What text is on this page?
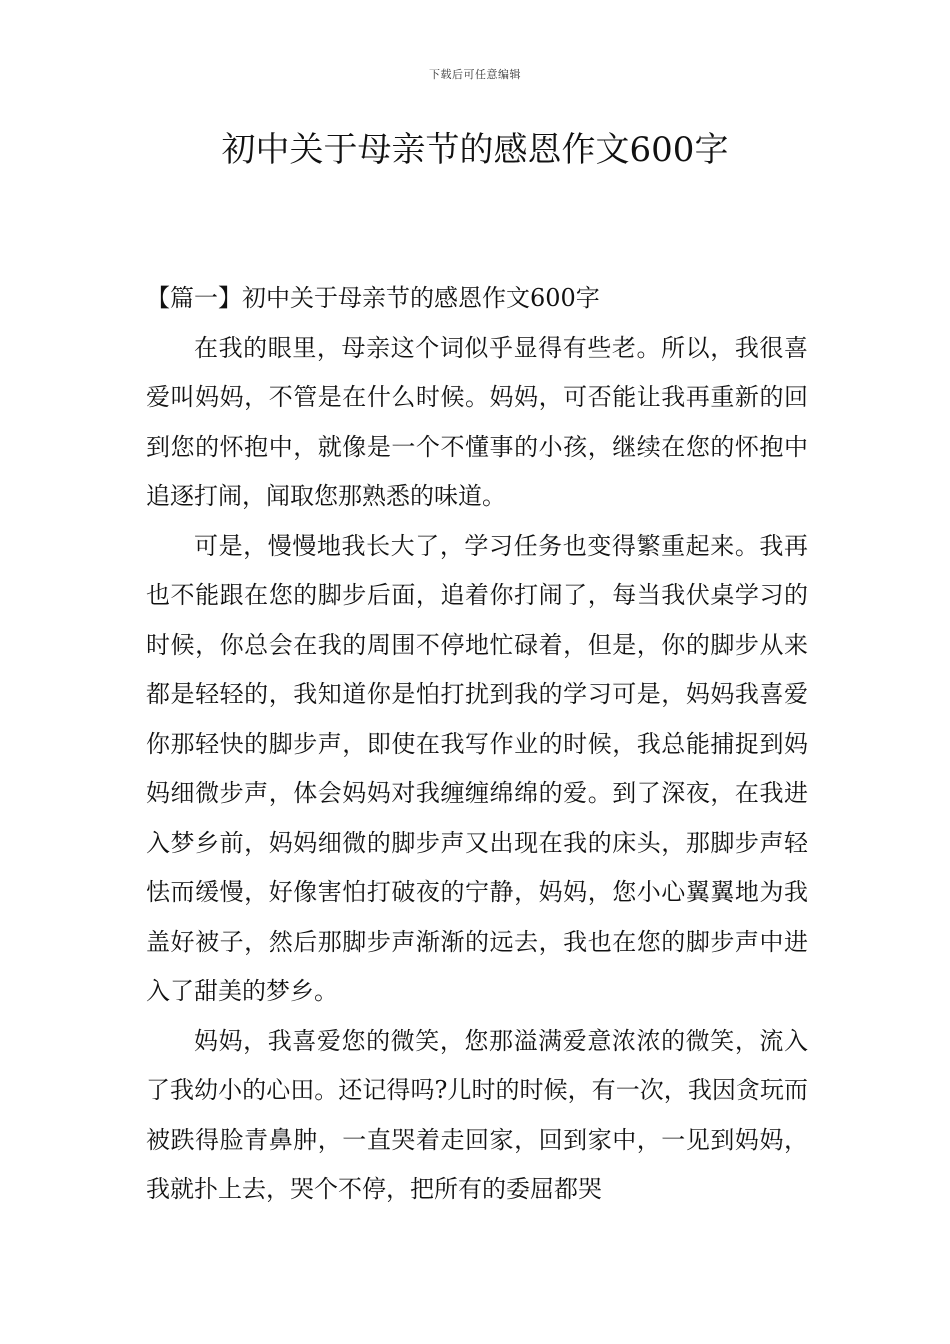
下载后可任意编辑
初中关于母亲节的感恩作文600字
【篇一】初中关于母亲节的感恩作文600字

在我的眼里，母亲这个词似乎显得有些老。所以，我很喜爱叫妈妈，不管是在什么时候。妈妈，可否能让我再重新的回到您的怀抱中，就像是一个不懂事的小孩，继续在您的怀抱中追逐打闹，闻取您那熟悉的味道。

可是，慢慢地我长大了，学习任务也变得繁重起来。我再也不能跟在您的脚步后面，追着你打闹了，每当我伏桌学习的时候，你总会在我的周围不停地忙碌着，但是，你的脚步从来都是轻轻的，我知道你是怕打扰到我的学习可是，妈妈我喜爱你那轻快的脚步声，即使在我写作业的时候，我总能捕捉到妈妈细微步声，体会妈妈对我缠缠绵绵的爱。到了深夜，在我进入梦乡前，妈妈细微的脚步声又出现在我的床头，那脚步声轻怯而缓慢，好像害怕打破夜的宁静，妈妈，您小心翼翼地为我盖好被子，然后那脚步声渐渐的远去，我也在您的脚步声中进入了甜美的梦乡。

妈妈，我喜爱您的微笑，您那溢满爱意浓浓的微笑，流入了我幼小的心田。还记得吗?儿时的时候，有一次，我因贪玩而被跌得脸青鼻肿，一直哭着走回家，回到家中，一见到妈妈，我就扑上去，哭个不停，把所有的委屈都哭
